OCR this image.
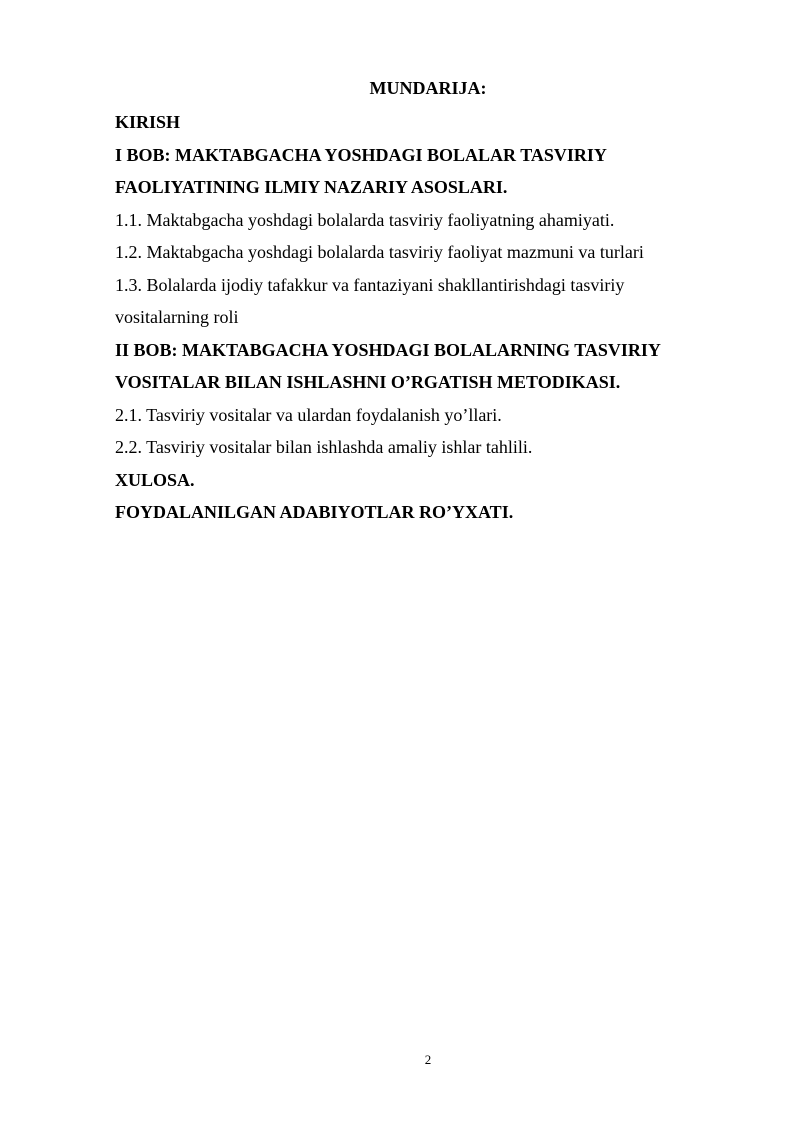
MUNDARIJA:
KIRISH
I BOB: MAKTABGACHA YOSHDAGI BOLALAR TASVIRIY
FAOLIYATINING ILMIY NAZARIY ASOSLARI.
1.1. Maktabgacha yoshdagi bolalarda tasviriy faoliyatning ahamiyati.
1.2. Maktabgacha yoshdagi bolalarda tasviriy faoliyat mazmuni va turlari
1.3. Bolalarda ijodiy tafakkur va fantaziyani shakllantirishdagi tasviriy
vositalarning roli
II BOB: MAKTABGACHA YOSHDAGI BOLALARNING TASVIRIY
VOSITALAR BILAN ISHLASHNI O’RGATISH METODIKASI.
2.1. Tasviriy vositalar va ulardan foydalanish yo’llari.
2.2. Tasviriy vositalar bilan ishlashda amaliy ishlar tahlili.
XULOSA.
FOYDALANILGAN ADABIYOTLAR RO’YXATI.
2
